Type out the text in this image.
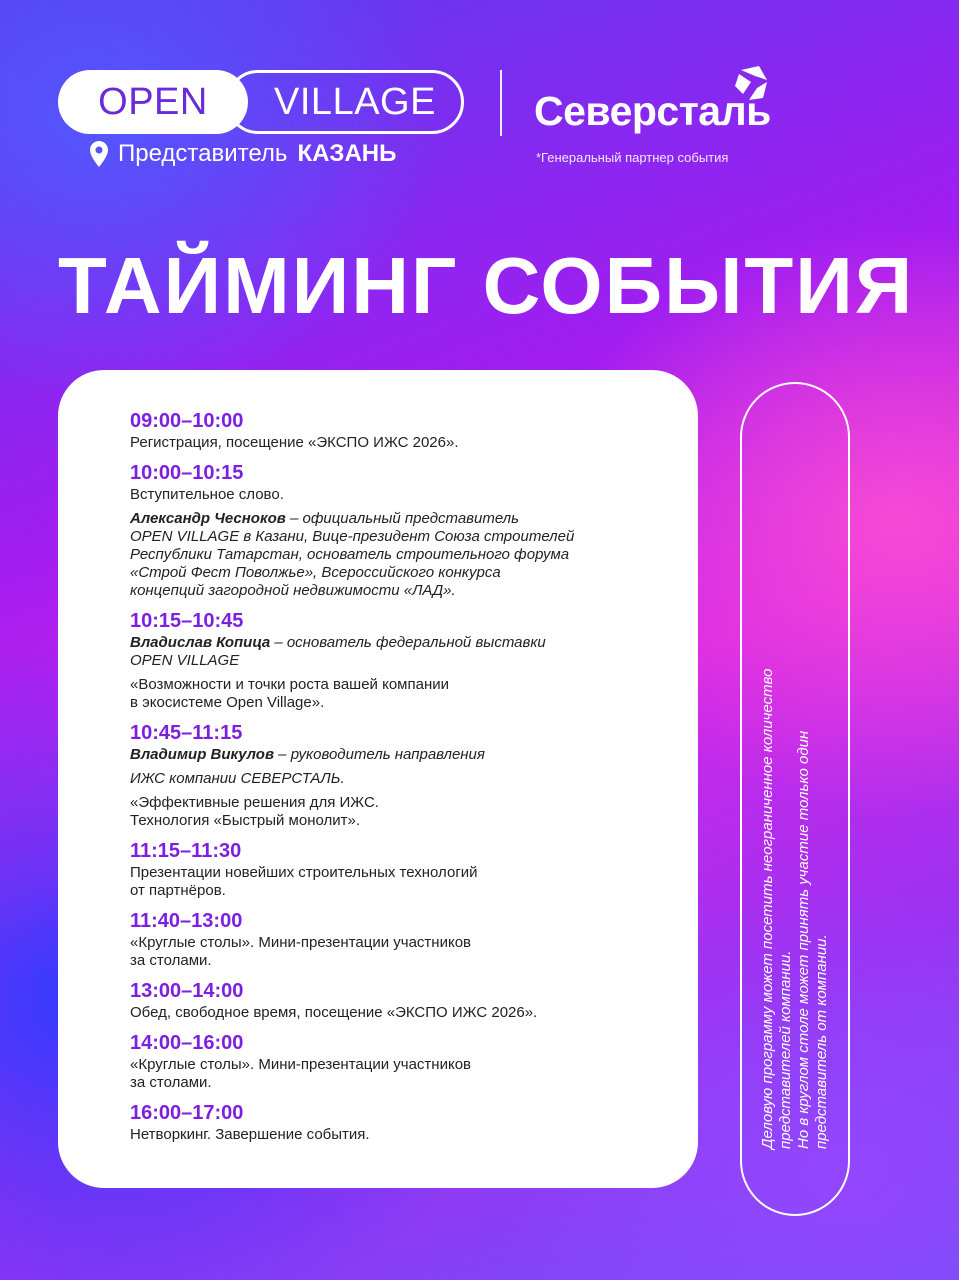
OPEN	VILLAGE
Представитель КАЗАНЬ
Северсталь
*Генеральный партнер события
ТАЙМИНГ СОБЫТИЯ
09:00–10:00
Регистрация, посещение «ЭКСПО ИЖС 2026».
10:00–10:15
Вступительное слово.
Александр Чесноков – официальный представитель
OPEN VILLAGE в Казани, Вице-президент Союза строителей
Республики Татарстан, основатель строительного форума
«Строй Фест Поволжье», Всероссийского конкурса
концепций загородной недвижимости «ЛАД».
10:15–10:45
Владислав Копица – основатель федеральной выставки
OPEN VILLAGE
«Возможности и точки роста вашей компании
в экосистеме Open Village».
10:45–11:15
Владимир Викулов – руководитель направления
ИЖС компании СЕВЕРСТАЛЬ.
«Эффективные решения для ИЖС.
Технология «Быстрый монолит».
11:15–11:30
Презентации новейших строительных технологий
от партнёров.
11:40–13:00
«Круглые столы». Мини-презентации участников
за столами.
13:00–14:00
Обед, свободное время, посещение «ЭКСПО ИЖС 2026».
14:00–16:00
«Круглые столы». Мини-презентации участников
за столами.
16:00–17:00
Нетворкинг. Завершение события.	Деловую программу может посетить неограниченное количество представителей компании. Но в круглом столе может принять участие только один представитель от компании.
